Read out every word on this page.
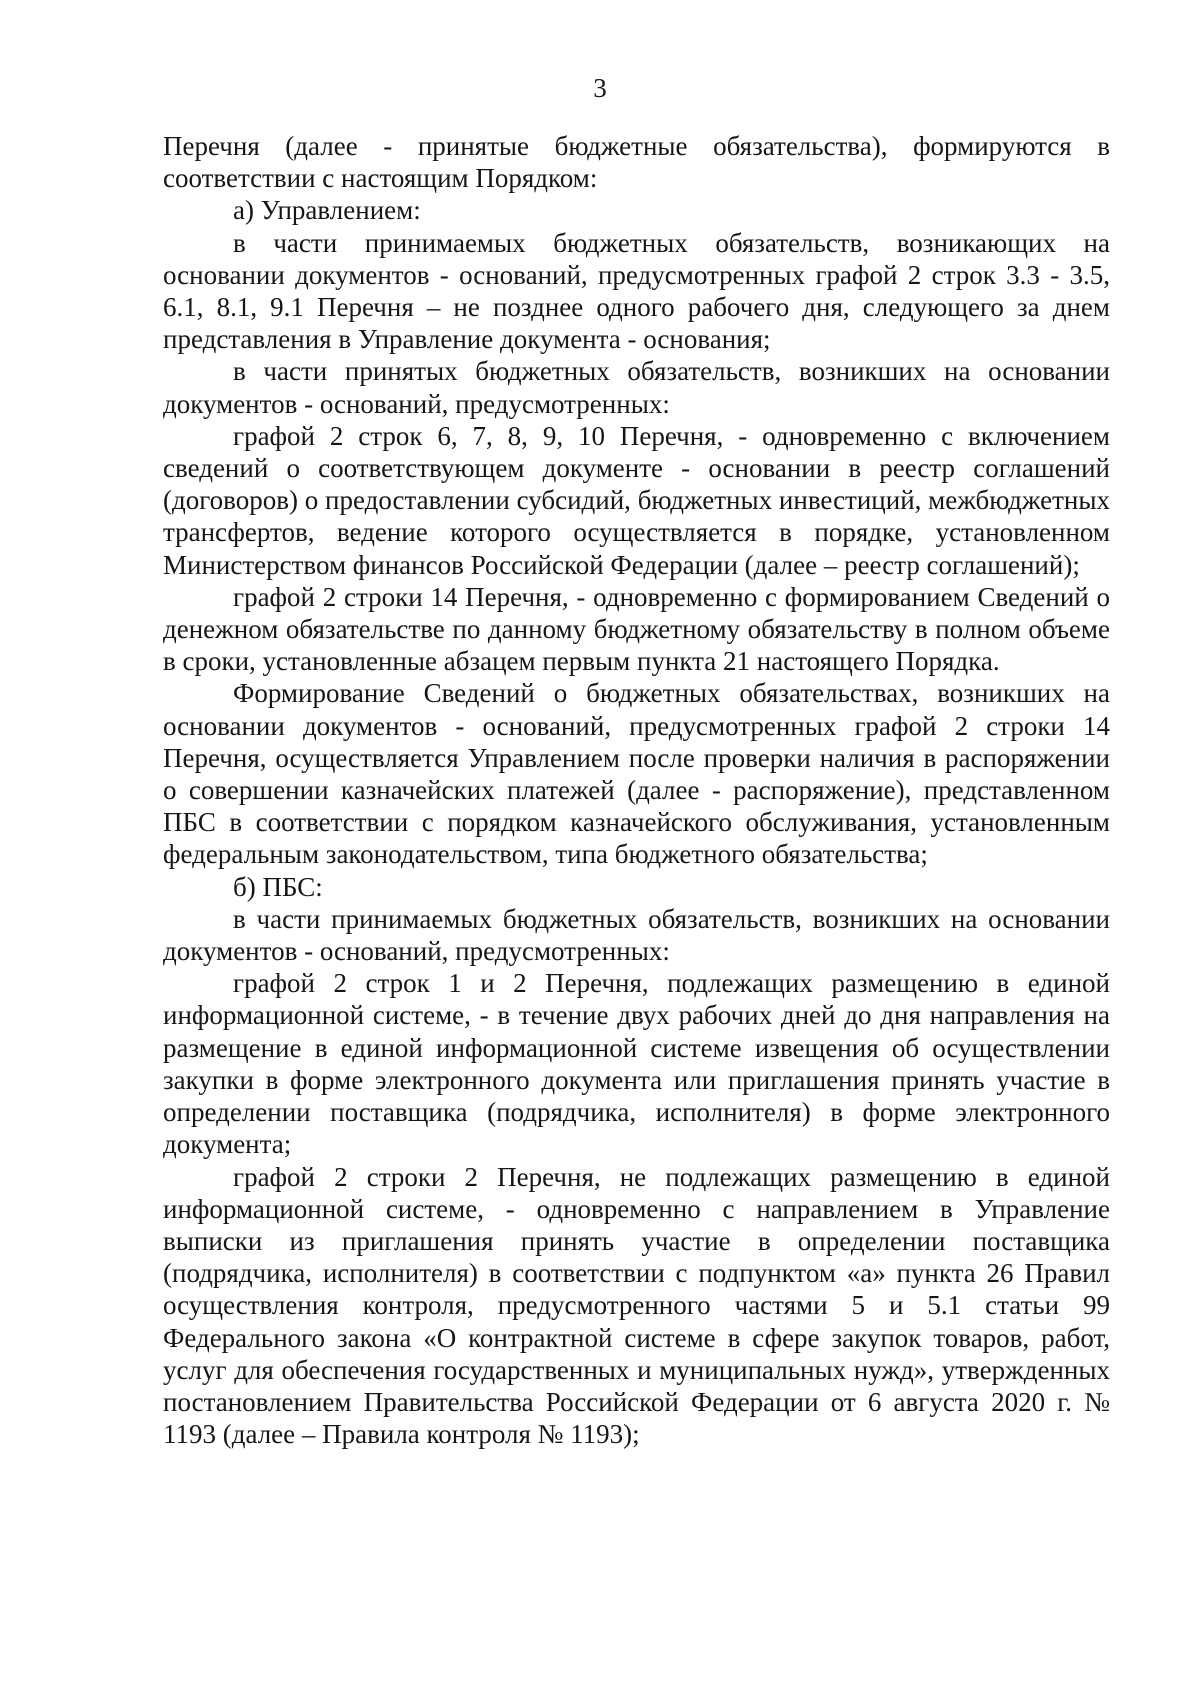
3

Перечня (далее - принятые бюджетные обязательства), формируются в соответствии с настоящим Порядком:

а) Управлением:

в части принимаемых бюджетных обязательств, возникающих на основании документов - оснований, предусмотренных графой 2 строк 3.3 - 3.5, 6.1, 8.1, 9.1 Перечня – не позднее одного рабочего дня, следующего за днем представления в Управление документа - основания;

в части принятых бюджетных обязательств, возникших на основании документов - оснований, предусмотренных:

графой 2 строк 6, 7, 8, 9, 10 Перечня, - одновременно с включением сведений о соответствующем документе - основании в реестр соглашений (договоров) о предоставлении субсидий, бюджетных инвестиций, межбюджетных трансфертов, ведение которого осуществляется в порядке, установленном Министерством финансов Российской Федерации (далее – реестр соглашений);

графой 2 строки 14 Перечня, - одновременно с формированием Сведений о денежном обязательстве по данному бюджетному обязательству в полном объеме в сроки, установленные абзацем первым пункта 21 настоящего Порядка.

Формирование Сведений о бюджетных обязательствах, возникших на основании документов - оснований, предусмотренных графой 2 строки 14 Перечня, осуществляется Управлением после проверки наличия в распоряжении о совершении казначейских платежей (далее - распоряжение), представленном ПБС в соответствии с порядком казначейского обслуживания, установленным федеральным законодательством, типа бюджетного обязательства;

б) ПБС:

в части принимаемых бюджетных обязательств, возникших на основании документов - оснований, предусмотренных:

графой 2 строк 1 и 2 Перечня, подлежащих размещению в единой информационной системе, - в течение двух рабочих дней до дня направления на размещение в единой информационной системе извещения об осуществлении закупки в форме электронного документа или приглашения принять участие в определении поставщика (подрядчика, исполнителя) в форме электронного документа;

графой 2 строки 2 Перечня, не подлежащих размещению в единой информационной системе, - одновременно с направлением в Управление выписки из приглашения принять участие в определении поставщика (подрядчика, исполнителя) в соответствии с подпунктом «а» пункта 26 Правил осуществления контроля, предусмотренного частями 5 и 5.1 статьи 99 Федерального закона «О контрактной системе в сфере закупок товаров, работ, услуг для обеспечения государственных и муниципальных нужд», утвержденных постановлением Правительства Российской Федерации от 6 августа 2020 г. № 1193 (далее – Правила контроля № 1193);
